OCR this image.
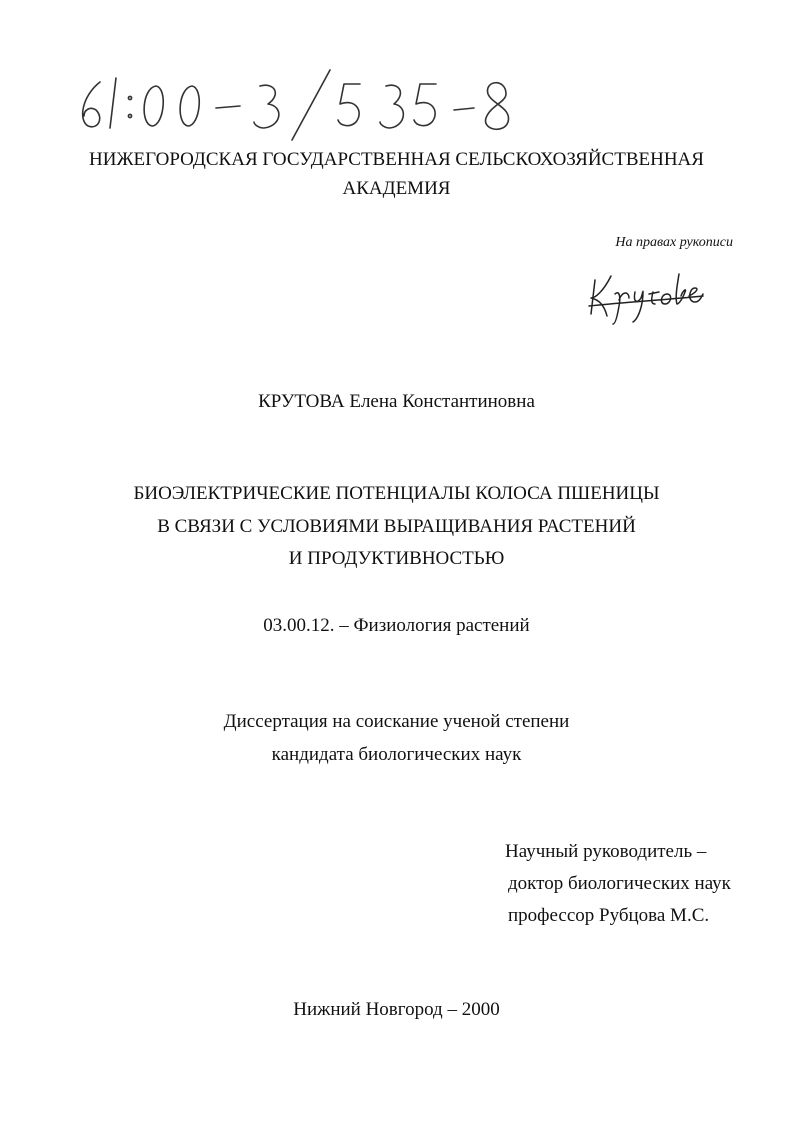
НИЖЕГОРОДСКАЯ ГОСУДАРСТВЕННАЯ СЕЛЬСКОХОЗЯЙСТВЕННАЯ
АКАДЕМИЯ
На правах рукописи
КРУТОВА Елена Константиновна
БИОЭЛЕКТРИЧЕСКИЕ ПОТЕНЦИАЛЫ КОЛОСА ПШЕНИЦЫ
В СВЯЗИ С УСЛОВИЯМИ ВЫРАЩИВАНИЯ РАСТЕНИЙ
И ПРОДУКТИВНОСТЬЮ
03.00.12. – Физиология растений
Диссертация на соискание ученой степени
кандидата биологических наук
Научный руководитель –
доктор биологических наук
профессор Рубцова М.С.
Нижний Новгород – 2000
